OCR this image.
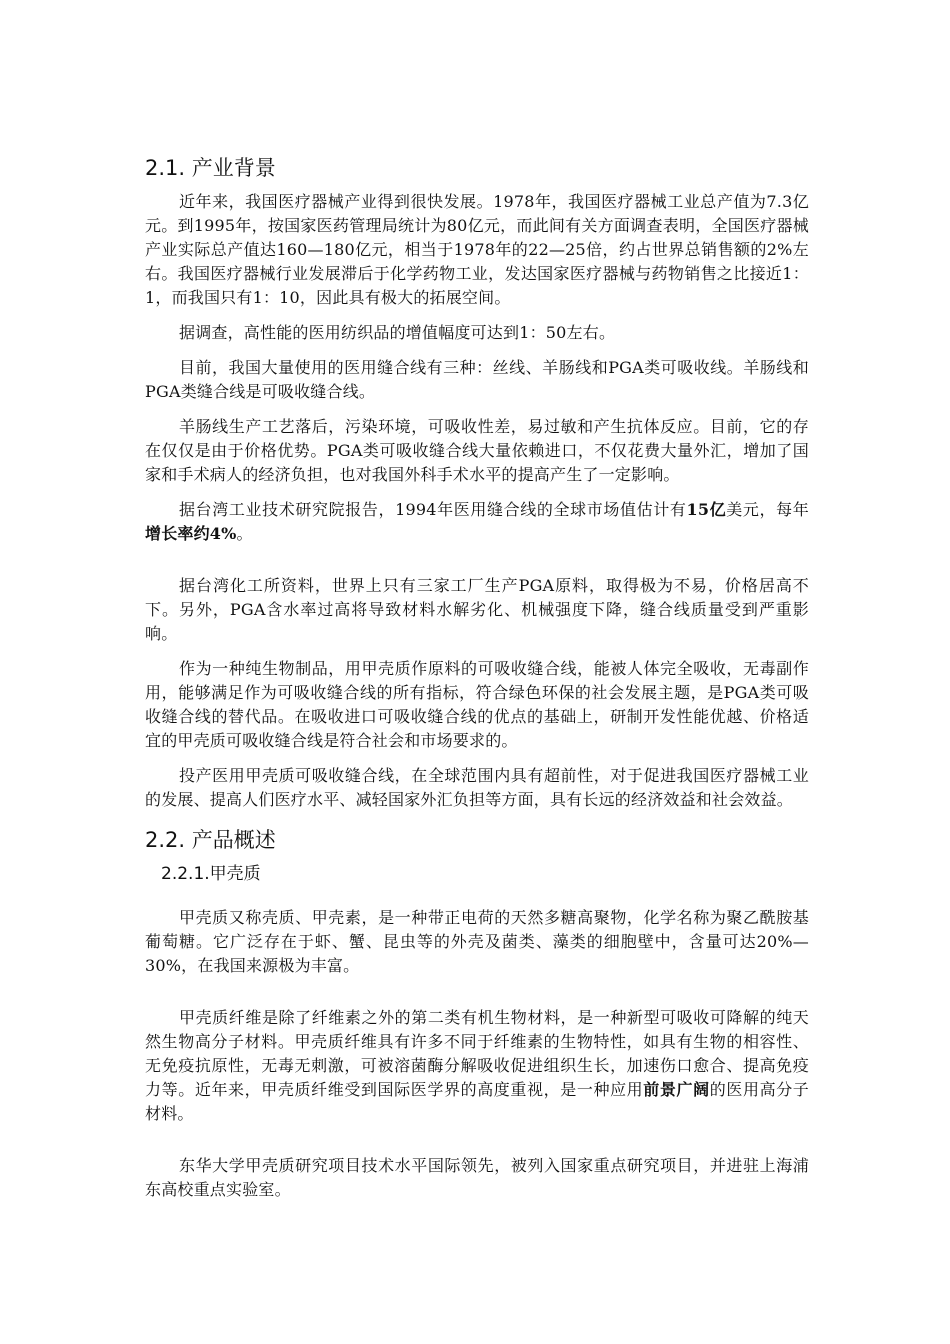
2.1. 产业背景

近年来，我国医疗器械产业得到很快发展。1978年，我国医疗器械工业总产值为7.3亿元。到1995年，按国家医药管理局统计为80亿元，而此间有关方面调查表明，全国医疗器械产业实际总产值达160—180亿元，相当于1978年的22—25倍，约占世界总销售额的2%左右。我国医疗器械行业发展滞后于化学药物工业，发达国家医疗器械与药物销售之比接近1：1，而我国只有1：10，因此具有极大的拓展空间。

据调查，高性能的医用纺织品的增值幅度可达到1：50左右。

目前，我国大量使用的医用缝合线有三种：丝线、羊肠线和PGA类可吸收线。羊肠线和PGA类缝合线是可吸收缝合线。

羊肠线生产工艺落后，污染环境，可吸收性差，易过敏和产生抗体反应。目前，它的存在仅仅是由于价格优势。PGA类可吸收缝合线大量依赖进口，不仅花费大量外汇，增加了国家和手术病人的经济负担，也对我国外科手术水平的提高产生了一定影响。

据台湾工业技术研究院报告，1994年医用缝合线的全球市场值估计有15亿美元，每年增长率约4%。

据台湾化工所资料，世界上只有三家工厂生产PGA原料，取得极为不易，价格居高不下。另外，PGA含水率过高将导致材料水解劣化、机械强度下降，缝合线质量受到严重影响。

作为一种纯生物制品，用甲壳质作原料的可吸收缝合线，能被人体完全吸收，无毒副作用，能够满足作为可吸收缝合线的所有指标，符合绿色环保的社会发展主题，是PGA类可吸收缝合线的替代品。在吸收进口可吸收缝合线的优点的基础上，研制开发性能优越、价格适宜的甲壳质可吸收缝合线是符合社会和市场要求的。

投产医用甲壳质可吸收缝合线，在全球范围内具有超前性，对于促进我国医疗器械工业的发展、提高人们医疗水平、减轻国家外汇负担等方面，具有长远的经济效益和社会效益。

2.2. 产品概述
2.2.1.甲壳质

甲壳质又称壳质、甲壳素，是一种带正电荷的天然多糖高聚物，化学名称为聚乙酰胺基葡萄糖。它广泛存在于虾、蟹、昆虫等的外壳及菌类、藻类的细胞壁中，含量可达20%—30%，在我国来源极为丰富。

甲壳质纤维是除了纤维素之外的第二类有机生物材料，是一种新型可吸收可降解的纯天然生物高分子材料。甲壳质纤维具有许多不同于纤维素的生物特性，如具有生物的相容性、无免疫抗原性，无毒无刺激，可被溶菌酶分解吸收促进组织生长，加速伤口愈合、提高免疫力等。近年来，甲壳质纤维受到国际医学界的高度重视，是一种应用前景广阔的医用高分子材料。

东华大学甲壳质研究项目技术水平国际领先，被列入国家重点研究项目，并进驻上海浦东高校重点实验室。
